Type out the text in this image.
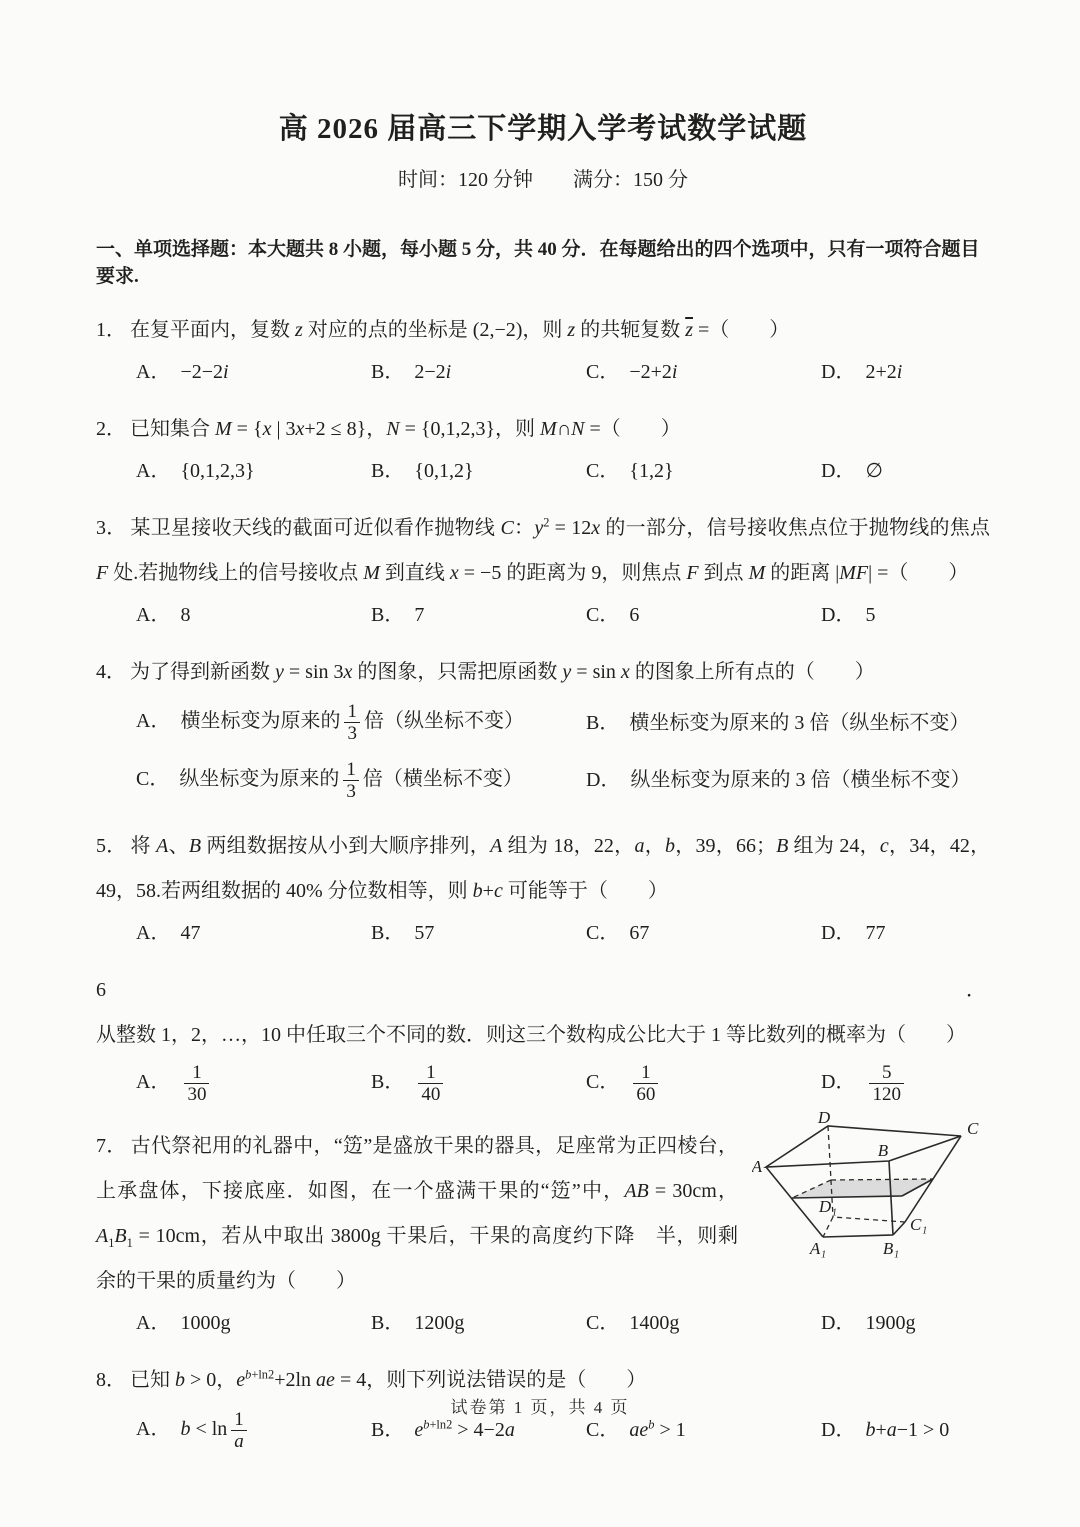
高 2026 届高三下学期入学考试数学试题

时间：120 分钟　　满分：150 分

一、单项选择题：本大题共 8 小题，每小题 5 分，共 40 分．在每题给出的四个选项中，只有一项符合题目要求.

1． 在复平面内，复数 z 对应的点的坐标是 (2,−2)，则 z 的共轭复数 $\overline{z}$ =（　　）

A． −2−2i	B． 2−2i	C． −2+2i	D． 2+2i

2． 已知集合 M = {x | 3x+2 ≤ 8}，N = {0,1,2,3}，则 M∩N =（　　）

A． {0,1,2,3}	B． {0,1,2}	C． {1,2}	D． ∅

3． 某卫星接收天线的截面可近似看作抛物线 C：$y^2 = 12x$ 的一部分，信号接收焦点位于抛物线的焦点 F 处.若抛物线上的信号接收点 M 到直线 x = −5 的距离为 9，则焦点 F 到点 M 的距离 |MF| =（　　）

A． 8	B． 7	C． 6	D． 5

4． 为了得到新函数 y = sin 3x 的图象，只需把原函数 y = sin x 的图象上所有点的（　　）

A． 横坐标变为原来的 $\frac{1}{3}$ 倍（纵坐标不变）	B． 横坐标变为原来的 3 倍（纵坐标不变）
C． 纵坐标变为原来的 $\frac{1}{3}$ 倍（横坐标不变）	D． 纵坐标变为原来的 3 倍（横坐标不变）

5． 将 A、B 两组数据按从小到大顺序排列，A 组为 18，22，a，b，39，66；B 组为 24，c，34，42，49，58.若两组数据的 40% 分位数相等，则 b+c 可能等于（　　）

A． 47	B． 57	C． 67	D． 77

6．从整数 1，2，…，10 中任取三个不同的数．则这三个数构成公比大于 1 等比数列的概率为（　　）

A． $\frac{1}{30}$	B． $\frac{1}{40}$	C． $\frac{1}{60}$	D． $\frac{5}{120}$
A
D
B
C
A₁	B₁
C₁
D₁

7． 古代祭祀用的礼器中，“笾”是盛放干果的器具，足座常为正四棱台，上承盘体，下接底座．如图，在一个盛满干果的“笾”中，AB = 30cm，$A_1B_1 = 10cm$，若从中取出 3800g 干果后，干果的高度约下降　半，则剩余的干果的质量约为（　　）

A． 1000g	B． 1200g	C． 1400g	D． 1900g

8． 已知 b > 0，$e^{b+ln2}+2\ln$ ae = 4，则下列说法错误的是（　　）

A． $b < \ln \frac{1}{a}$	B． $e^{b+ln2} > 4-2a$	C． $ae^b > 1$	D． b+a−1 > 0

试卷第 1 页，共 4 页
